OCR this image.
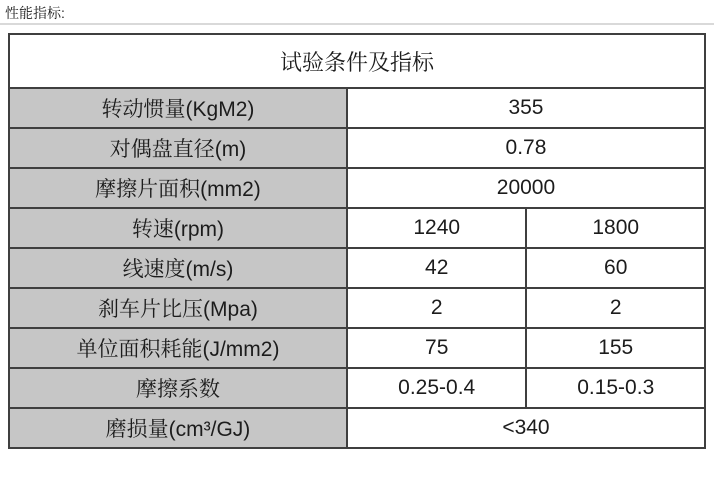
性能指标:
试验条件及指标		
转动惯量(KgM2)	355	
对偶盘直径(m)	0.78	
摩擦片面积(mm2)	20000	
转速(rpm)	1240	1800
线速度(m/s)	42	60
刹车片比压(Mpa)	2	2
单位面积耗能(J/mm2)	75	155
摩擦系数	0.25-0.4	0.15-0.3
磨损量(cm³/GJ)	<340	
